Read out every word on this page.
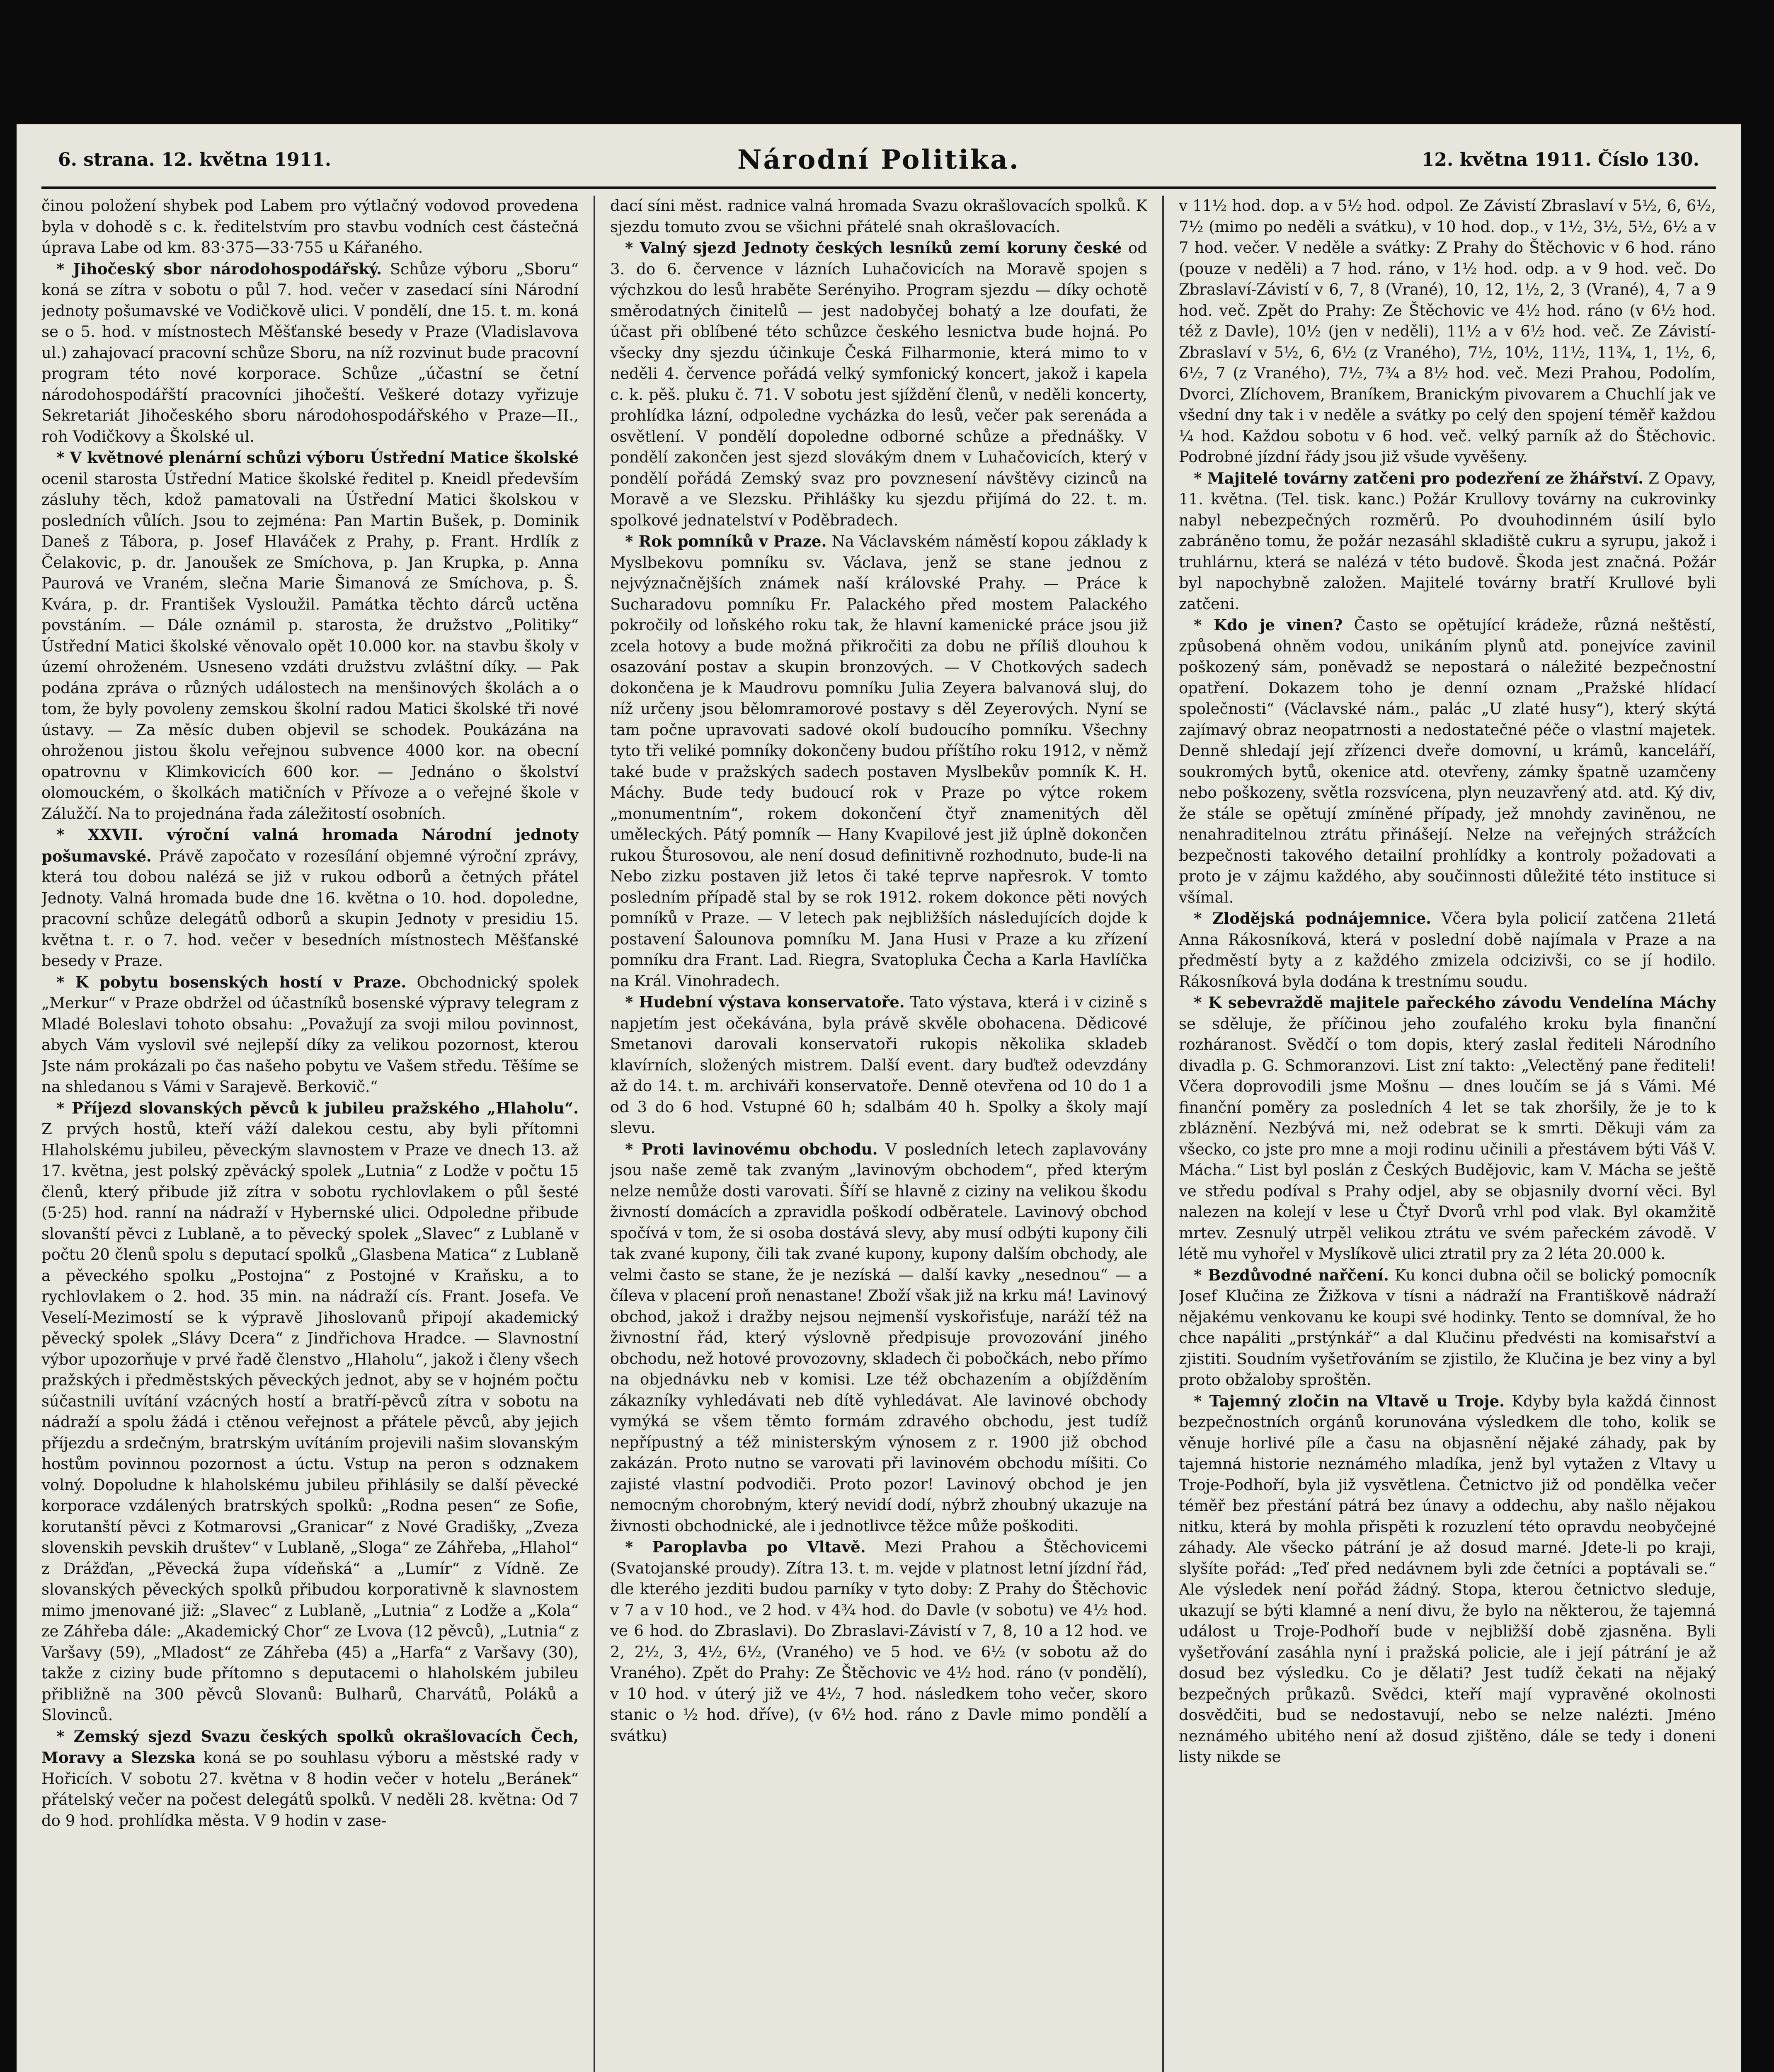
6. strana. 12. května 1911.	Národní Politika.	12. května 1911. Číslo 130.

činou položení shybek pod Labem pro výtlačný vodovod provedena byla v dohodě s c. k. ředitelstvím pro stavbu vodních cest částečná úprava Labe od km. 83·375—33·755 u Kářaného.

* Jihočeský sbor národohospodářský. Schůze výboru „Sboru“ koná se zítra v sobotu o půl 7. hod. večer v zasedací síni Národní jednoty pošumavské ve Vodičkově ulici. V pondělí, dne 15. t. m. koná se o 5. hod. v místnostech Měšťanské besedy v Praze (Vladislavova ul.) zahajovací pracovní schůze Sboru, na níž rozvinut bude pracovní program této nové korporace. Schůze „účastní se četní národohospodářští pracovníci jihočeští. Veškeré dotazy vyřizuje Sekretariát Jihočeského sboru národohospodářského v Praze—II., roh Vodičkovy a Školské ul.

* V květnové plenární schůzi výboru Ústřední Matice školské ocenil starosta Ústřední Matice školské ředitel p. Kneidl především zásluhy těch, kdož pamatovali na Ústřední Matici školskou v posledních vůlích. Jsou to zejména: Pan Martin Bušek, p. Dominik Daneš z Tábora, p. Josef Hlaváček z Prahy, p. Frant. Hrdlík z Čelakovic, p. dr. Janoušek ze Smíchova, p. Jan Krupka, p. Anna Paurová ve Vraném, slečna Marie Šimanová ze Smíchova, p. Š. Kvára, p. dr. František Vysloužil. Památka těchto dárců uctěna povstáním. — Dále oznámil p. starosta, že družstvo „Politiky“ Ústřední Matici školské věnovalo opět 10.000 kor. na stavbu školy v území ohroženém. Usneseno vzdáti družstvu zvláštní díky. — Pak podána zpráva o různých událostech na menšinových školách a o tom, že byly povoleny zemskou školní radou Matici školské tři nové ústavy. — Za měsíc duben objevil se schodek. Poukázána na ohroženou jistou školu veřejnou subvence 4000 kor. na obecní opatrovnu v Klimkovicích 600 kor. — Jednáno o školství olomouckém, o školkách matičních v Přívoze a o veřejné škole v Zálužčí. Na to projednána řada záležitostí osobních.

* XXVII. výroční valná hromada Národní jednoty pošumavské. Právě započato v rozesílání objemné výroční zprávy, která tou dobou nalézá se již v rukou odborů a četných přátel Jednoty. Valná hromada bude dne 16. května o 10. hod. dopoledne, pracovní schůze delegátů odborů a skupin Jednoty v presidiu 15. května t. r. o 7. hod. večer v besedních místnostech Měšťanské besedy v Praze.

* K pobytu bosenských hostí v Praze. Obchodnický spolek „Merkur“ v Praze obdržel od účastníků bosenské výpravy telegram z Mladé Boleslavi tohoto obsahu: „Považují za svoji milou povinnost, abych Vám vyslovil své nejlepší díky za velikou pozornost, kterou Jste nám prokázali po čas našeho pobytu ve Vašem středu. Těšíme se na shledanou s Vámi v Sarajevě. Berkovič.“

* Příjezd slovanských pěvců k jubileu pražského „Hlaholu“. Z prvých hostů, kteří váží dalekou cestu, aby byli přítomni Hlaholskému jubileu, pěveckým slavnostem v Praze ve dnech 13. až 17. května, jest polský zpěvácký spolek „Lutnia“ z Lodže v počtu 15 členů, který přibude již zítra v sobotu rychlovlakem o půl šesté (5·25) hod. ranní na nádraží v Hybernské ulici. Odpoledne přibude slovanští pěvci z Lublaně, a to pěvecký spolek „Slavec“ z Lublaně v počtu 20 členů spolu s deputací spolků „Glasbena Matica“ z Lublaně a pěveckého spolku „Postojna“ z Postojné v Kraňsku, a to rychlovlakem o 2. hod. 35 min. na nádraží cís. Frant. Josefa. Ve Veselí-Mezimostí se k výpravě Jihoslovanů připojí akademický pěvecký spolek „Slávy Dcera“ z Jindřichova Hradce. — Slavnostní výbor upozorňuje v prvé řadě členstvo „Hlaholu“, jakož i členy všech pražských i předměstských pěveckých jednot, aby se v hojném počtu súčastnili uvítání vzácných hostí a bratří-pěvců zítra v sobotu na nádraží a spolu žádá i ctěnou veřejnost a přátele pěvců, aby jejich příjezdu a srdečným, bratrským uvítáním projevili našim slovanským hostům povinnou pozornost a úctu. Vstup na peron s odznakem volný. Dopoludne k hlaholskému jubileu přihlásily se další pěvecké korporace vzdálených bratrských spolků: „Rodna pesen“ ze Sofie, korutanští pěvci z Kotmarovsi „Granicar“ z Nové Gradišky, „Zveza slovenskih pevskih društev“ v Lublaně, „Sloga“ ze Záhřeba, „Hlahol“ z Drážďan, „Pěvecká župa vídeňská“ a „Lumír“ z Vídně. Ze slovanských pěveckých spolků přibudou korporativně k slavnostem mimo jmenované již: „Slavec“ z Lublaně, „Lutnia“ z Lodže a „Kola“ ze Záhřeba dále: „Akademický Chor“ ze Lvova (12 pěvců), „Lutnia“ z Varšavy (59), „Mladost“ ze Záhřeba (45) a „Harfa“ z Varšavy (30), takže z ciziny bude přítomno s deputacemi o hlaholském jubileu přibližně na 300 pěvců Slovanů: Bulharů, Charvátů, Poláků a Slovinců.

* Zemský sjezd Svazu českých spolků okrašlovacích Čech, Moravy a Slezska koná se po souhlasu výboru a městské rady v Hořicích. V sobotu 27. května v 8 hodin večer v hotelu „Beránek“ přátelský večer na počest delegátů spolků. V neděli 28. května: Od 7 do 9 hod. prohlídka města. V 9 hodin v zase-

dací síni měst. radnice valná hromada Svazu okrašlovacích spolků. K sjezdu tomuto zvou se všichni přátelé snah okrašlovacích.

* Valný sjezd Jednoty českých lesníků zemí koruny české od 3. do 6. července v lázních Luhačovicích na Moravě spojen s výchzkou do lesů hraběte Serényiho. Program sjezdu — díky ochotě směrodatných činitelů — jest nadobyčej bohatý a lze doufati, že účast při oblíbené této schůzce českého lesnictva bude hojná. Po všecky dny sjezdu účinkuje Česká Filharmonie, která mimo to v neděli 4. července pořádá velký symfonický koncert, jakož i kapela c. k. pěš. pluku č. 71. V sobotu jest sjíždění členů, v neděli koncerty, prohlídka lázní, odpoledne vycházka do lesů, večer pak serenáda a osvětlení. V pondělí dopoledne odborné schůze a přednášky. V pondělí zakončen jest sjezd slovákým dnem v Luhačovicích, který v pondělí pořádá Zemský svaz pro povznesení návštěvy cizinců na Moravě a ve Slezsku. Přihlášky ku sjezdu přijímá do 22. t. m. spolkové jednatelství v Poděbradech.

* Rok pomníků v Praze. Na Václavském náměstí kopou základy k Myslbekovu pomníku sv. Václava, jenž se stane jednou z nejvýznačnějších známek naší královské Prahy. — Práce k Sucharadovu pomníku Fr. Palackého před mostem Palackého pokročily od loňského roku tak, že hlavní kamenické práce jsou již zcela hotovy a bude možná přikročiti za dobu ne příliš dlouhou k osazování postav a skupin bronzových. — V Chotkových sadech dokončena je k Maudrovu pomníku Julia Zeyera balvanová sluj, do níž určeny jsou bělomramorové postavy s děl Zeyerových. Nyní se tam počne upravovati sadové okolí budoucího pomníku. Všechny tyto tři veliké pomníky dokončeny budou příštího roku 1912, v němž také bude v pražských sadech postaven Myslbekův pomník K. H. Máchy. Bude tedy budoucí rok v Praze po výtce rokem „monumentním“, rokem dokončení čtyř znamenitých děl uměleckých. Pátý pomník — Hany Kvapilové jest již úplně dokončen rukou Šturosovou, ale není dosud definitivně rozhodnuto, bude-li na Nebo zizku postaven již letos či také teprve napřesrok. V tomto posledním případě stal by se rok 1912. rokem dokonce pěti nových pomníků v Praze. — V letech pak nejbližších následujících dojde k postavení Šalounova pomníku M. Jana Husi v Praze a ku zřízení pomníku dra Frant. Lad. Riegra, Svatopluka Čecha a Karla Havlíčka na Král. Vinohradech.

* Hudební výstava konservatoře. Tato výstava, která i v cizině s napjetím jest očekávána, byla právě skvěle obohacena. Dědicové Smetanovi darovali konservatoři rukopis několika skladeb klavírních, složených mistrem. Další event. dary buďtež odevzdány až do 14. t. m. archiváři konservatoře. Denně otevřena od 10 do 1 a od 3 do 6 hod. Vstupné 60 h; sdalbám 40 h. Spolky a školy mají slevu.

* Proti lavinovému obchodu. V posledních letech zaplavovány jsou naše země tak zvaným „lavinovým obchodem“, před kterým nelze nemůže dosti varovati. Šíří se hlavně z ciziny na velikou škodu živností domácích a zpravidla poškodí odběratele. Lavinový obchod spočívá v tom, že si osoba dostává slevy, aby musí odbýti kupony čili tak zvané kupony, čili tak zvané kupony, kupony dalším obchody, ale velmi často se stane, že je nezíská — další kavky „nesednou“ — a číleva v placení proň nenastane! Zboží však již na krku má! Lavinový obchod, jakož i dražby nejsou nejmenší vyskořisťuje, naráží též na živnostní řád, který výslovně předpisuje provozování jiného obchodu, než hotové provozovny, skladech či pobočkách, nebo přímo na objednávku neb v komisi. Lze též obchazením a objížděním zákazníky vyhledávati neb dítě vyhledávat. Ale lavinové obchody vymýká se všem těmto formám zdravého obchodu, jest tudíž nepřípustný a též ministerským výnosem z r. 1900 již obchod zakázán. Proto nutno se varovati při lavinovém obchodu míšiti. Co zajisté vlastní podvodiči. Proto pozor! Lavinový obchod je jen nemocným chorobným, který nevidí dodí, nýbrž zhoubný ukazuje na živnosti obchodnické, ale i jednotlivce těžce může poškoditi.

* Paroplavba po Vltavě. Mezi Prahou a Štěchovicemi (Svatojanské proudy). Zítra 13. t. m. vejde v platnost letní jízdní řád, dle kterého jezditi budou parníky v tyto doby: Z Prahy do Štěchovic v 7 a v 10 hod., ve 2 hod. v 4¾ hod. do Davle (v sobotu) ve 4½ hod. ve 6 hod. do Zbraslavi). Do Zbraslavi-Závistí v 7, 8, 10 a 12 hod. ve 2, 2½, 3, 4½, 6½, (Vraného) ve 5 hod. ve 6½ (v sobotu až do Vraného). Zpět do Prahy: Ze Štěchovic ve 4½ hod. ráno (v pondělí), v 10 hod. v úterý již ve 4½, 7 hod. následkem toho večer, skoro stanic o ½ hod. dříve), (v 6½ hod. ráno z Davle mimo pondělí a svátku)

v 11½ hod. dop. a v 5½ hod. odpol. Ze Závistí Zbraslaví v 5½, 6, 6½, 7½ (mimo po neděli a svátku), v 10 hod. dop., v 1½, 3½, 5½, 6½ a v 7 hod. večer. V neděle a svátky: Z Prahy do Štěchovic v 6 hod. ráno (pouze v neděli) a 7 hod. ráno, v 1½ hod. odp. a v 9 hod. več. Do Zbraslaví-Závistí v 6, 7, 8 (Vrané), 10, 12, 1½, 2, 3 (Vrané), 4, 7 a 9 hod. več. Zpět do Prahy: Ze Štěchovic ve 4½ hod. ráno (v 6½ hod. též z Davle), 10½ (jen v neděli), 11½ a v 6½ hod. več. Ze Závistí-Zbraslaví v 5½, 6, 6½ (z Vraného), 7½, 10½, 11½, 11¾, 1, 1½, 6, 6½, 7 (z Vraného), 7½, 7¾ a 8½ hod. več. Mezi Prahou, Podolím, Dvorci, Zlíchovem, Braníkem, Branickým pivovarem a Chuchlí jak ve všední dny tak i v neděle a svátky po celý den spojení téměř každou ¼ hod. Každou sobotu v 6 hod. več. velký parník až do Štěchovic. Podrobné jízdní řády jsou již všude vyvěšeny.

* Majitelé továrny zatčeni pro podezření ze žhářství. Z Opavy, 11. května. (Tel. tisk. kanc.) Požár Krullovy továrny na cukrovinky nabyl nebezpečných rozměrů. Po dvouhodinném úsilí bylo zabráněno tomu, že požár nezasáhl skladiště cukru a syrupu, jakož i truhlárnu, která se nalézá v této budově. Škoda jest značná. Požár byl napochybně založen. Majitelé továrny bratří Krullové byli zatčeni.

* Kdo je vinen? Často se opětující krádeže, různá neštěstí, způsobená ohněm vodou, unikáním plynů atd. ponejvíce zavinil poškozený sám, poněvadž se nepostará o náležité bezpečnostní opatření. Dokazem toho je denní oznam „Pražské hlídací společnosti“ (Václavské nám., palác „U zlaté husy“), který skýtá zajímavý obraz neopatrnosti a nedostatečné péče o vlastní majetek. Denně shledají její zřízenci dveře domovní, u krámů, kanceláří, soukromých bytů, okenice atd. otevřeny, zámky špatně uzamčeny nebo poškozeny, světla rozsvícena, plyn neuzavřený atd. atd. Ký div, že stále se opětují zmíněné případy, jež mnohdy zaviněnou, ne nenahraditelnou ztrátu přinášejí. Nelze na veřejných strážcích bezpečnosti takového detailní prohlídky a kontroly požadovati a proto je v zájmu každého, aby součinnosti důležité této instituce si všímal.

* Zlodějská podnájemnice. Včera byla policií zatčena 21letá Anna Rákosníková, která v poslední době najímala v Praze a na předměstí byty a z každého zmizela odcizivši, co se jí hodilo. Rákosníková byla dodána k trestnímu soudu.

* K sebevraždě majitele pařeckého závodu Vendelína Máchy se sděluje, že příčinou jeho zoufalého kroku byla finanční rozháranost. Svědčí o tom dopis, který zaslal řediteli Národního divadla p. G. Schmoranzovi. List zní takto: „Velectěný pane řediteli! Včera doprovodili jsme Mošnu — dnes loučím se já s Vámi. Mé finanční poměry za posledních 4 let se tak zhoršily, že je to k zbláznění. Nezbývá mi, než odebrat se k smrti. Děkuji vám za všecko, co jste pro mne a moji rodinu učinili a přestávem býti Váš V. Mácha.“ List byl poslán z Českých Budějovic, kam V. Mácha se ještě ve středu podíval s Prahy odjel, aby se objasnily dvorní věci. Byl nalezen na kolejí v lese u Čtyř Dvorů vrhl pod vlak. Byl okamžitě mrtev. Zesnulý utrpěl velikou ztrátu ve svém pařeckém závodě. V létě mu vyhořel v Myslíkově ulici ztratil pry za 2 léta 20.000 k.

* Bezdůvodné nařčení. Ku konci dubna očil se bolický pomocník Josef Klučina ze Žižkova v tísni a nádraží na Františkově nádraží nějakému venkovanu ke koupi své hodinky. Tento se domníval, že ho chce napáliti „prstýnkář“ a dal Klučinu předvésti na komisařství a zjistiti. Soudním vyšetřováním se zjistilo, že Klučina je bez viny a byl proto obžaloby sproštěn.

* Tajemný zločin na Vltavě u Troje. Kdyby byla každá činnost bezpečnostních orgánů korunována výsledkem dle toho, kolik se věnuje horlivé píle a času na objasnění nějaké záhady, pak by tajemná historie neznámého mladíka, jenž byl vytažen z Vltavy u Troje-Podhoří, byla již vysvětlena. Četnictvo již od pondělka večer téměř bez přestání pátrá bez únavy a oddechu, aby našlo nějakou nitku, která by mohla přispěti k rozuzlení této opravdu neobyčejné záhady. Ale všecko pátrání je až dosud marné. Jdete-li po kraji, slyšíte pořád: „Teď před nedávnem byli zde četníci a poptávali se.“ Ale výsledek není pořád žádný. Stopa, kterou četnictvo sleduje, ukazují se býti klamné a není divu, že bylo na některou, že tajemná událost u Troje-Podhoří bude v nejbližší době zjasněna. Byli vyšetřování zasáhla nyní i pražská policie, ale i její pátrání je až dosud bez výsledku. Co je dělati? Jest tudíž čekati na nějaký bezpečných průkazů. Svědci, kteří mají vypravěné okolnosti dosvědčiti, bud se nedostavují, nebo se nelze nalézti. Jméno neznámého ubitého není až dosud zjištěno, dále se tedy i doneni listy nikde se
